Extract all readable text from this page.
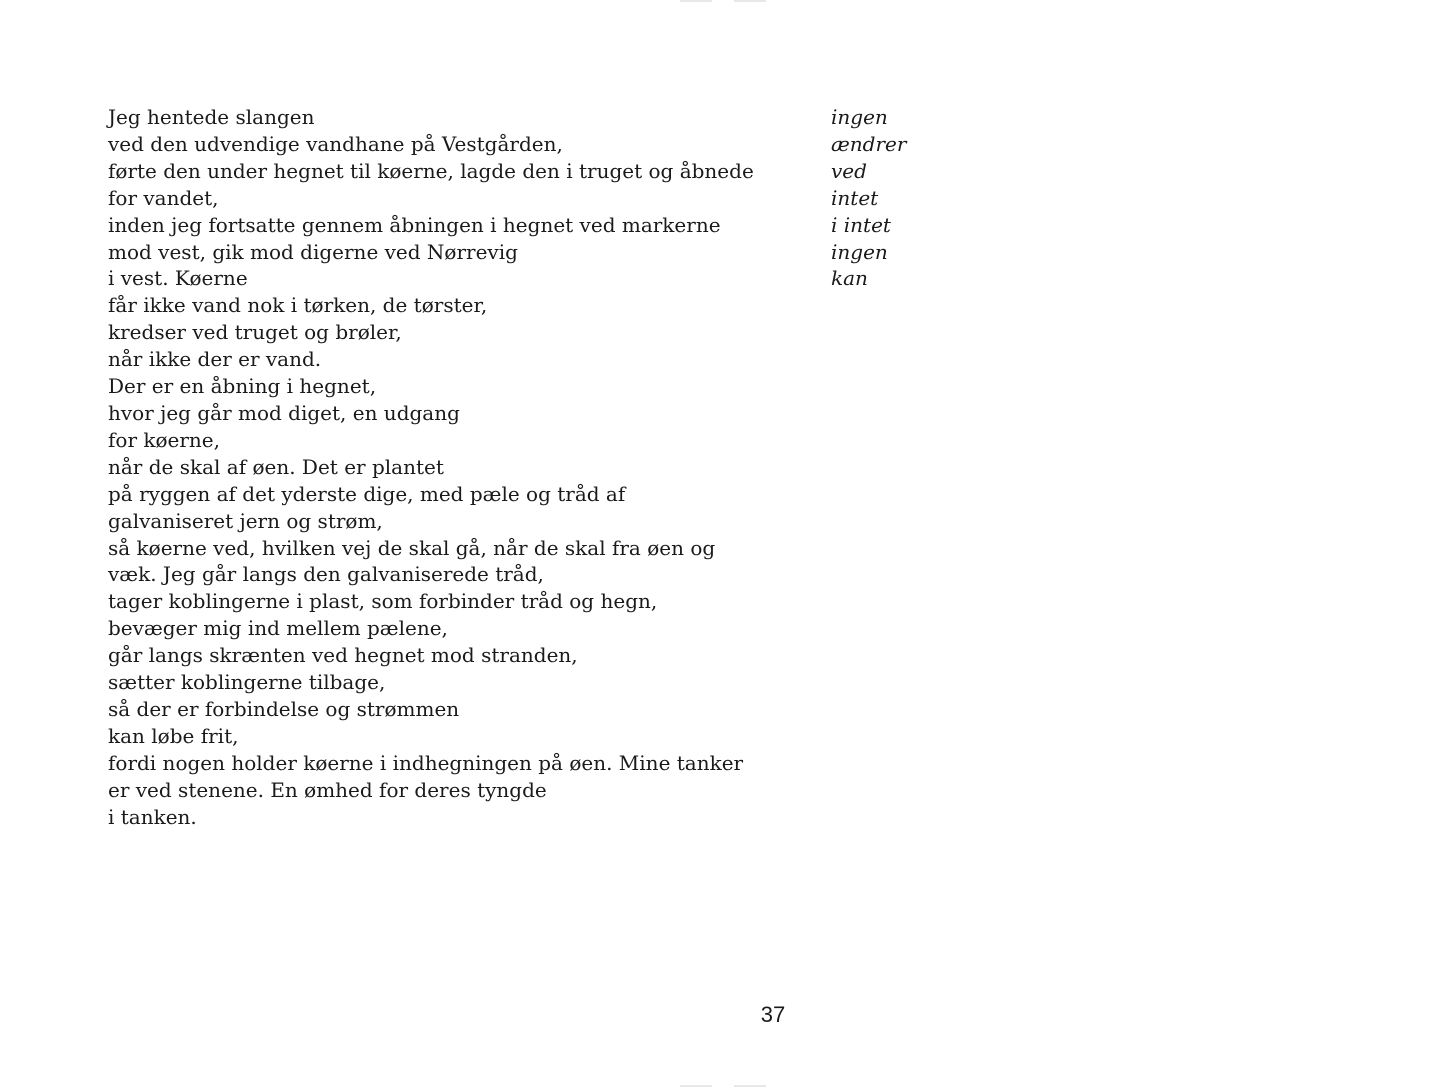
Jeg hentede slangen
ved den udvendige vandhane på Vestgården,
førte den under hegnet til køerne, lagde den i truget og åbnede
for vandet,
inden jeg fortsatte gennem åbningen i hegnet ved markerne
mod vest, gik mod digerne ved Nørrevig
i vest. Køerne
får ikke vand nok i tørken, de tørster,
kredser ved truget og brøler,
når ikke der er vand.
Der er en åbning i hegnet,
hvor jeg går mod diget, en udgang
for køerne,
når de skal af øen. Det er plantet
på ryggen af det yderste dige, med pæle og tråd af
galvaniseret jern og strøm,
så køerne ved, hvilken vej de skal gå, når de skal fra øen og
væk. Jeg går langs den galvaniserede tråd,
tager koblingerne i plast, som forbinder tråd og hegn,
bevæger mig ind mellem pælene,
går langs skrænten ved hegnet mod stranden,
sætter koblingerne tilbage,
så der er forbindelse og strømmen
kan løbe frit,
fordi nogen holder køerne i indhegningen på øen. Mine tanker
er ved stenene. En ømhed for deres tyngde
i tanken.
ingen
ændrer
ved
intet
i intet
ingen
kan
37
